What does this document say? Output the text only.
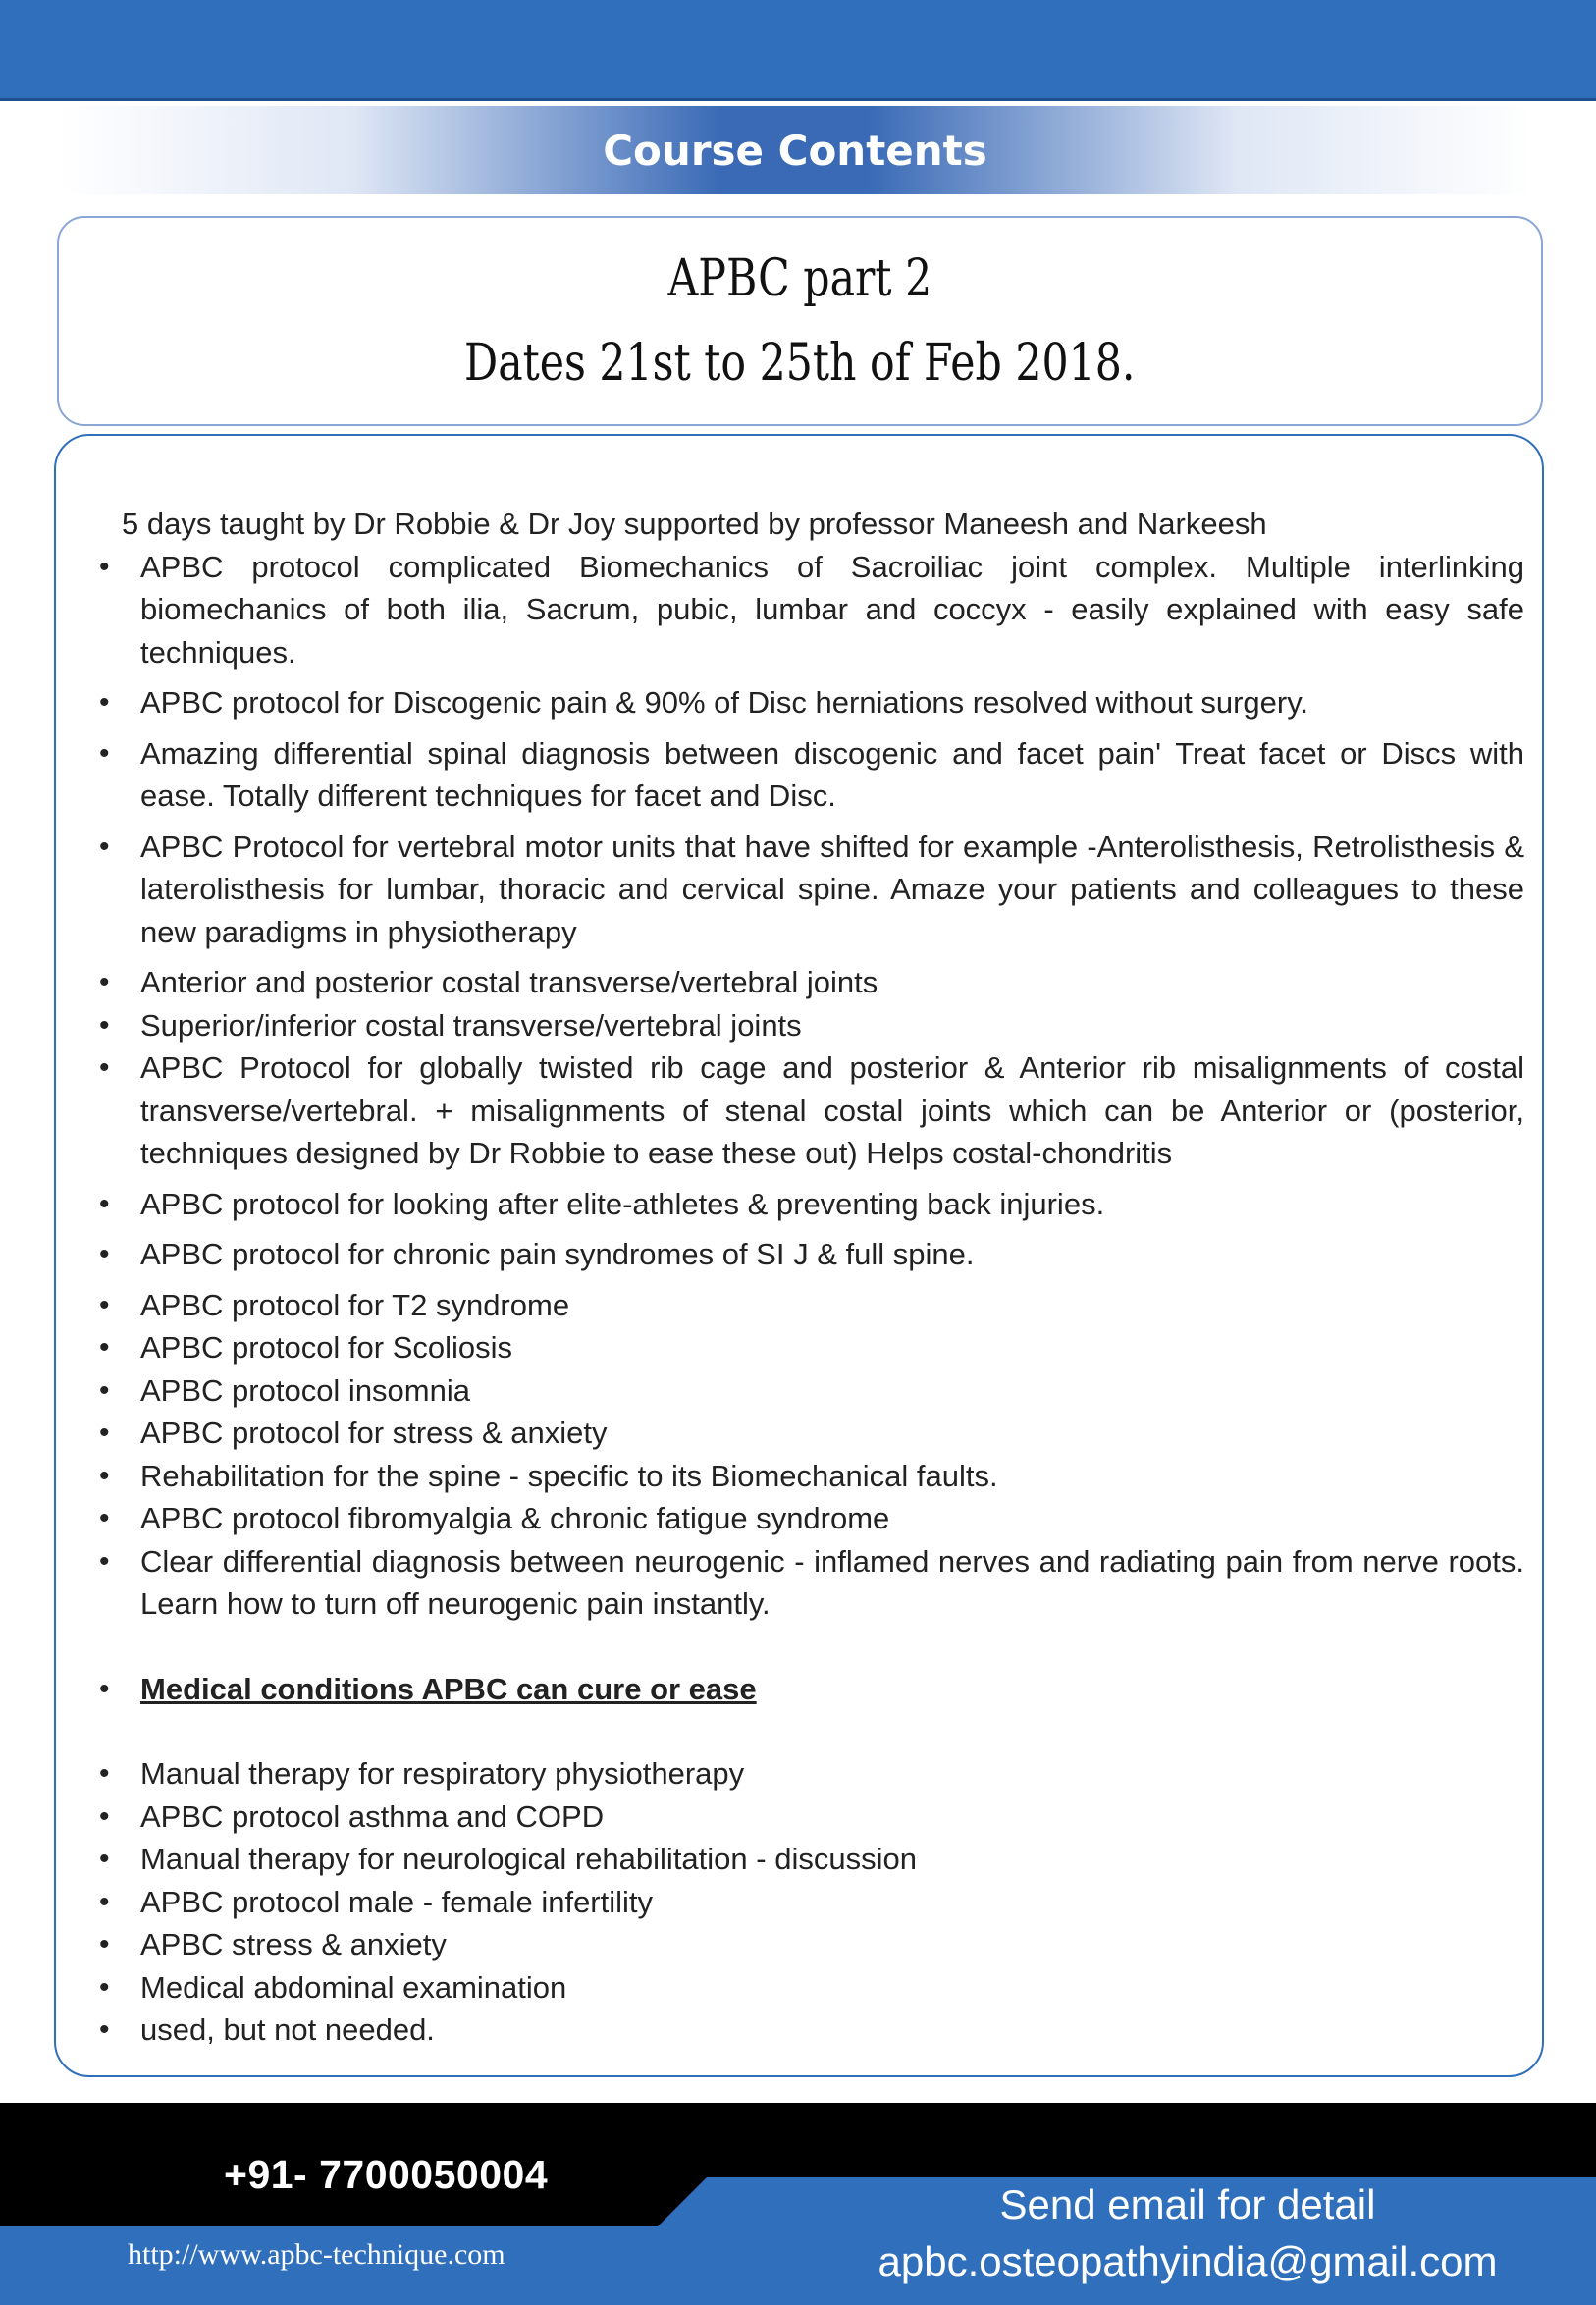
Course Contents
APBC part 2
Dates 21st to 25th of Feb 2018.
5 days taught by Dr Robbie & Dr Joy supported by professor Maneesh and Narkeesh
• APBC protocol complicated Biomechanics of Sacroiliac joint complex. Multiple interlinking biomechanics of both ilia, Sacrum, pubic, lumbar and coccyx - easily explained with easy safe techniques.
• APBC protocol for Discogenic pain & 90% of Disc herniations resolved without surgery.
• Amazing differential spinal diagnosis between discogenic and facet pain' Treat facet or Discs with ease. Totally different techniques for facet and Disc.
• APBC Protocol for vertebral motor units that have shifted for example -Anterolisthesis, Retrolisthesis & laterolisthesis for lumbar, thoracic and cervical spine. Amaze your patients and colleagues to these new paradigms in physiotherapy
• Anterior and posterior costal transverse/vertebral joints
• Superior/inferior costal transverse/vertebral joints
• APBC Protocol for globally twisted rib cage and posterior & Anterior rib misalignments of costal transverse/vertebral. + misalignments of stenal costal joints which can be Anterior or (posterior, techniques designed by Dr Robbie to ease these out) Helps costal-chondritis
• APBC protocol for looking after elite-athletes & preventing back injuries.
• APBC protocol for chronic pain syndromes of SI J & full spine.
• APBC protocol for T2 syndrome
• APBC protocol for Scoliosis
• APBC protocol insomnia
• APBC protocol for stress & anxiety
• Rehabilitation for the spine - specific to its Biomechanical faults.
• APBC protocol fibromyalgia & chronic fatigue syndrome
• Clear differential diagnosis between neurogenic - inflamed nerves and radiating pain from nerve roots. Learn how to turn off neurogenic pain instantly.
• Medical conditions APBC can cure or ease
• Manual therapy for respiratory physiotherapy
• APBC protocol asthma and COPD
• Manual therapy for neurological rehabilitation - discussion
• APBC protocol male - female infertility
• APBC stress & anxiety
• Medical abdominal examination
• used, but not needed.
+91- 7700050004
http://www.apbc-technique.com
Send email for detail
apbc.osteopathyindia@gmail.com
